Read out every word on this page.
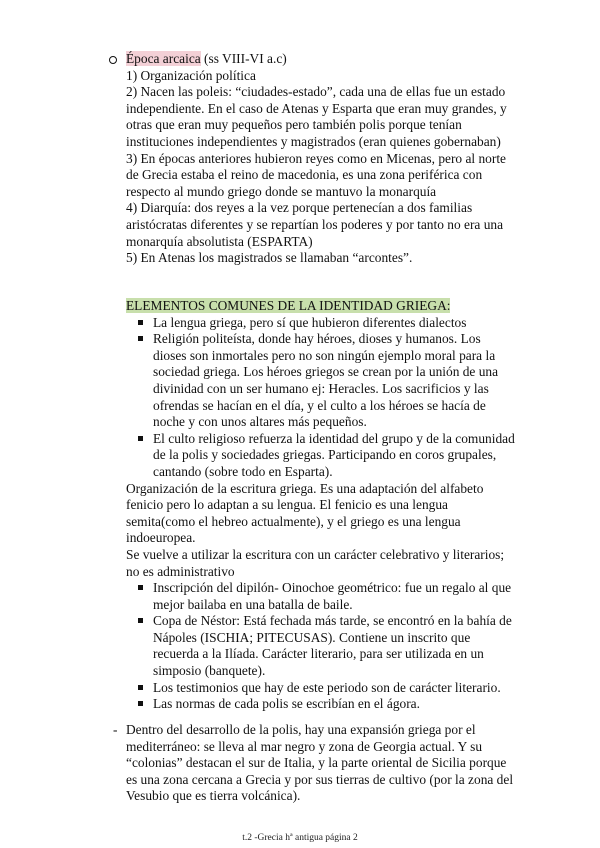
Época arcaica (ss VIII-VI a.c)

1) Organización política

2) Nacen las poleis: “ciudades-estado”, cada una de ellas fue un estado independiente. En el caso de Atenas y Esparta que eran muy grandes, y otras que eran muy pequeños pero también polis porque tenían instituciones independientes y magistrados (eran quienes gobernaban)

3) En épocas anteriores hubieron reyes como en Micenas, pero al norte de Grecia estaba el reino de macedonia, es una zona periférica con respecto al mundo griego donde se mantuvo la monarquía

4) Diarquía: dos reyes a la vez porque pertenecían a dos familias aristócratas diferentes y se repartían los poderes y por tanto no era una monarquía absolutista (ESPARTA)

5) En Atenas los magistrados se llamaban “arcontes”.

ELEMENTOS COMUNES DE LA IDENTIDAD GRIEGA:

La lengua griega, pero sí que hubieron diferentes dialectos
Religión politeísta, donde hay héroes, dioses y humanos. Los dioses son inmortales pero no son ningún ejemplo moral para la sociedad griega. Los héroes griegos se crean por la unión de una divinidad con un ser humano ej: Heracles. Los sacrificios y las ofrendas se hacían en el día, y el culto a los héroes se hacía de noche y con unos altares más pequeños.
El culto religioso refuerza la identidad del grupo y de la comunidad de la polis y sociedades griegas. Participando en coros grupales, cantando (sobre todo en Esparta).

Organización de la escritura griega. Es una adaptación del alfabeto fenicio pero lo adaptan a su lengua. El fenicio es una lengua semita(como el hebreo actualmente), y el griego es una lengua indoeuropea.

Se vuelve a utilizar la escritura con un carácter celebrativo y literarios; no es administrativo

Inscripción del dipilón- Oinochoe geométrico: fue un regalo al que mejor bailaba en una batalla de baile.
Copa de Néstor: Está fechada más tarde, se encontró en la bahía de Nápoles (ISCHIA; PITECUSAS). Contiene un inscrito que recuerda a la Ilíada. Carácter literario, para ser utilizada en un simposio (banquete).
Los testimonios que hay de este periodo son de carácter literario.
Las normas de cada polis se escribían en el ágora.
- Dentro del desarrollo de la polis, hay una expansión griega por el mediterráneo: se lleva al mar negro y zona de Georgia actual. Y su “colonias” destacan el sur de Italia, y la parte oriental de Sicilia porque es una zona cercana a Grecia y por sus tierras de cultivo (por la zona del Vesubio que es tierra volcánica).

t.2 -Grecia hª antigua página 2
